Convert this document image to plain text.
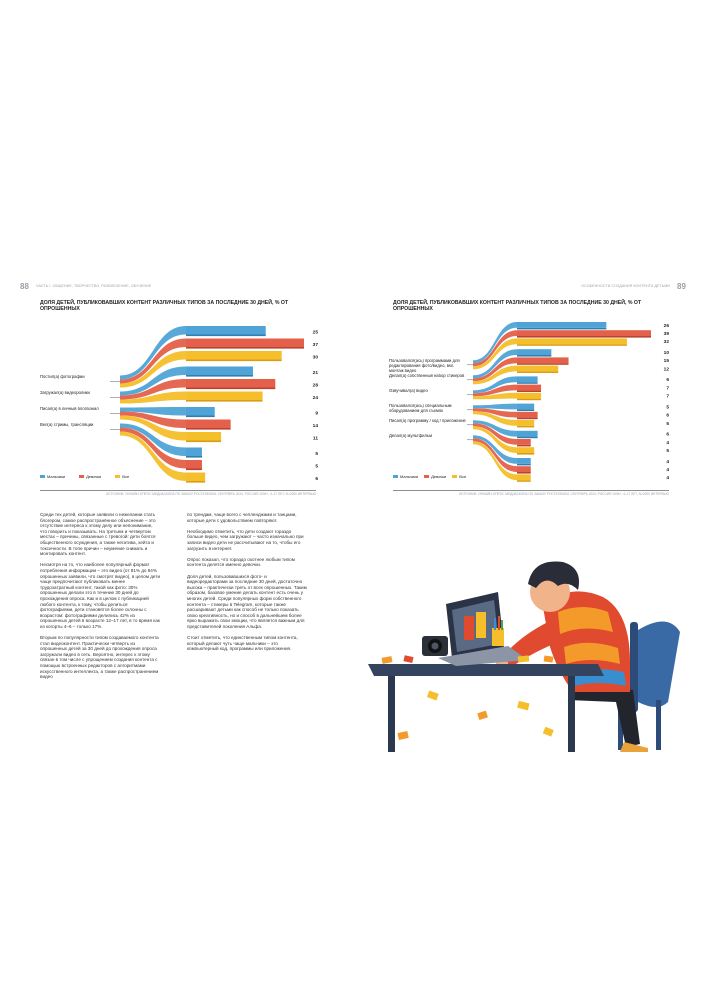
88 ЧАСТЬ I. ОБЩЕНИЕ, ТВОРЧЕСТВО, РАЗВЛЕЧЕНИЕ, ОБУЧЕНИЕ	89
ОСОБЕННОСТИ СОЗДАНИЯ КОНТЕНТА ДЕТЬМИ
ДОЛЯ ДЕТЕЙ, ПУБЛИКОВАВШИХ КОНТЕНТ РАЗЛИЧНЫХ ТИПОВ ЗА ПОСЛЕДНИЕ 30 ДНЕЙ, % ОТ ОПРОШЕННЫХ
Постил(а) фотографии
25
37
30
Загружал(а) видеоролики
21
28
24
Писал(а) в личный блог/канал
9
14
11
Вел(а) стримы, трансляции
5
5
6
Мальчики	Девочки	Все
ИСТОЧНИК: ОНЛАЙН-ОПРОС МЕДИАСКОПА ПО ЗАКАЗУ РОСТЕЛЕКОМ, СЕНТЯБРЬ 2024, РОССИЯ 100К+, 4–17 ЛЕТ, N=2000 ИНТЕРВЬЮ
ДОЛЯ ДЕТЕЙ, ПУБЛИКОВАВШИХ КОНТЕНТ РАЗЛИЧНЫХ ТИПОВ ЗА ПОСЛЕДНИЕ 30 ДНЕЙ, % ОТ ОПРОШЕННЫХ
Пользовался(ась) программами для редактирования фото/видео, вкл. монтаж видео
26
39
32
Делал(а) собственный набор стикеров
10
15
12
Озвучивал(а) видео
6
7
7
Пользовался(ась) специальным оборудованием для съемок
5
6
5
Писал(а) программу / код / приложение
6
4
5
Делал(а) мультфильм
4
4
4
Мальчики	Девочки	Все
ИСТОЧНИК: ОНЛАЙН-ОПРОС МЕДИАСКОПА ПО ЗАКАЗУ РОСТЕЛЕКОМ, СЕНТЯБРЬ 2024, РОССИЯ 100К+, 4–17 ЛЕТ, N=2000 ИНТЕРВЬЮ

Среди тех детей, которые заявили о нежелании стать блогером, самое распространённое объяснение – это отсутствие интереса к этому делу или непонимание, что говорить и показывать. На третьем и четвертом местах – причины, связанные с тревогой: дети боятся общественного осуждения, а также негатива, хейта и токсичности. В топе причин – неумение снимать и монтировать контент.

Несмотря на то, что наиболее популярный формат потребления информации – это видео (от 81% до 84% опрошенных заявили, что смотрят видео), в целом дети чаще предпочитают публиковать менее трудозатратный контент, такой как фото: 30% опрошенных делали это в течение 30 дней до прохождения опроса. Как и в целом с публикацией любого контента, к тому, чтобы делиться фотографиями, дети становятся более склонны с возрастом: фотографиями делились 42% из опрошенных детей в возрасте 12–17 лет, в то время как из когорты 4–6 – только 17%.

Вторым по популярности типом создаваемого контента стал видеоконтент. Практически четверть из опрошенных детей за 30 дней до прохождения опроса загружали видео в сеть. Вероятно, интерес к этому связан в том числе с упрощением создания контента с помощью встроенных редакторов с алгоритмами искусственного интеллекта, а также распространением видео

по трендам, чаще всего с челленджами и танцами, которые дети с удовольствием повторяют.

Необходимо отметить, что дети создают гораздо больше видео, чем загружают – часто изначально при записи видео дети не рассчитывают на то, чтобы его загрузить в интернет.

Опрос показал, что гораздо охотнее любым типом контента делятся именно девочки.

Доля детей, пользовавшихся фото- и видеоредакторами за последние 30 дней, достаточно высока – практически треть от всех опрошенных. Таким образом, базовое умение делать контент есть очень у многих детей. Среди популярных форм собственного контента – стикеры в Telegram, которые также расшаривают детьми как способ не только показать свою креативность, но и способ в дальнейшем более ярко выражать свои эмоции, что является важным для представителей поколения Альфа.

Стоит отметить, что единственным типом контента, который делают чуть чаще мальчики – это компьютерный код, программы или приложения.
